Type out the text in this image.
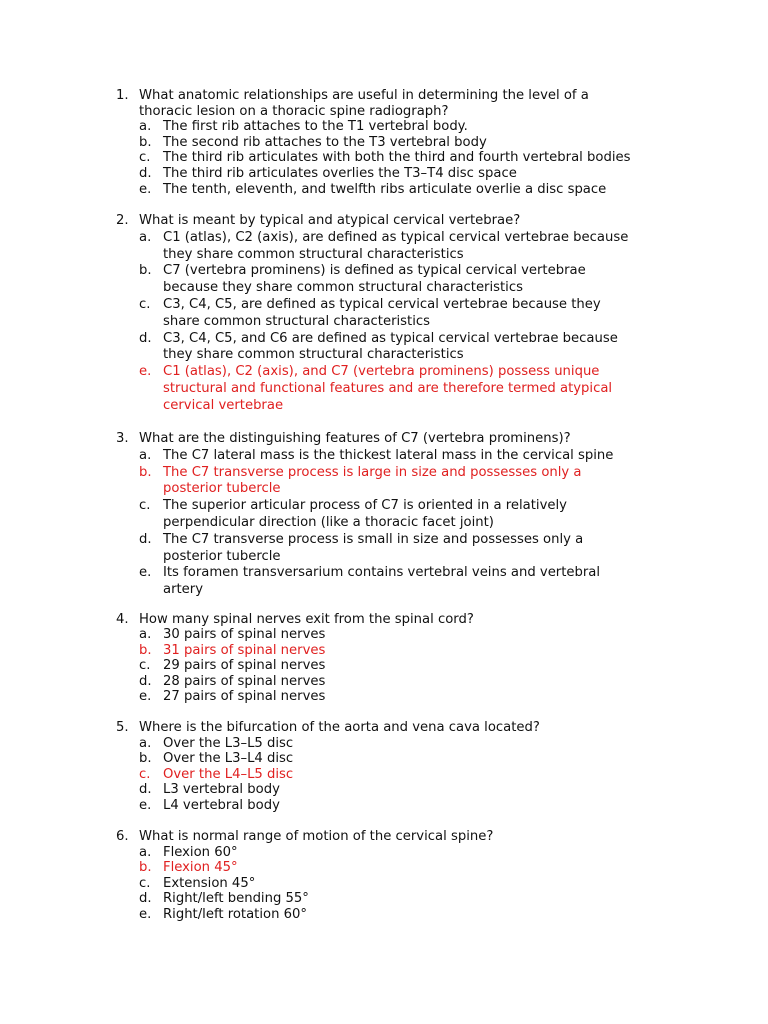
1. What anatomic relationships are useful in determining the level of a
thoracic lesion on a thoracic spine radiograph?
a. The first rib attaches to the T1 vertebral body.
b. The second rib attaches to the T3 vertebral body
c. The third rib articulates with both the third and fourth vertebral bodies
d. The third rib articulates overlies the T3–T4 disc space
e. The tenth, eleventh, and twelfth ribs articulate overlie a disc space
2. What is meant by typical and atypical cervical vertebrae?
a. C1 (atlas), C2 (axis), are defined as typical cervical vertebrae because
they share common structural characteristics
b. C7 (vertebra prominens) is defined as typical cervical vertebrae
because they share common structural characteristics
c. C3, C4, C5, are defined as typical cervical vertebrae because they
share common structural characteristics
d. C3, C4, C5, and C6 are defined as typical cervical vertebrae because
they share common structural characteristics
e. C1 (atlas), C2 (axis), and C7 (vertebra prominens) possess unique
structural and functional features and are therefore termed atypical
cervical vertebrae
3. What are the distinguishing features of C7 (vertebra prominens)?
a. The C7 lateral mass is the thickest lateral mass in the cervical spine
b. The C7 transverse process is large in size and possesses only a
posterior tubercle
c. The superior articular process of C7 is oriented in a relatively
perpendicular direction (like a thoracic facet joint)
d. The C7 transverse process is small in size and possesses only a
posterior tubercle
e. Its foramen transversarium contains vertebral veins and vertebral
artery
4. How many spinal nerves exit from the spinal cord?
a. 30 pairs of spinal nerves
b. 31 pairs of spinal nerves
c. 29 pairs of spinal nerves
d. 28 pairs of spinal nerves
e. 27 pairs of spinal nerves
5. Where is the bifurcation of the aorta and vena cava located?
a. Over the L3–L5 disc
b. Over the L3–L4 disc
c. Over the L4–L5 disc
d. L3 vertebral body
e. L4 vertebral body
6. What is normal range of motion of the cervical spine?
a. Flexion 60°
b. Flexion 45°
c. Extension 45°
d. Right/left bending 55°
e. Right/left rotation 60°
